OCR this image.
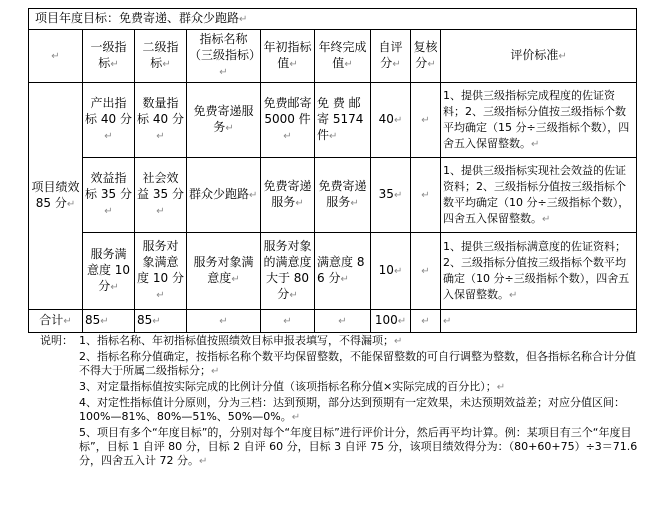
项目年度目标：免费寄递、群众少跑路↵								
↵	一级指标↵	二级指标↵	指标名称（三级指标）↵	年初指标值↵	年终完成值↵	自评分↵	复核分↵	评价标准↵
项目绩效 85 分↵	产出指标 40 分↵	数量指标 40 分↵	免费寄递服务↵	免费邮寄 5000 件↵	免 费 邮 寄 5174 件↵	40↵	↵	1、提供三级指标完成程度的佐证资料；2、三级指标分值按三级指标个数平均确定（15 分÷三级指标个数），四舍五入保留整数。↵
	效益指标 35 分↵	社会效益 35 分↵	群众少跑路↵	免费寄递服务↵	免费寄递服务↵	35↵	↵	1、提供三级指标实现社会效益的佐证资料；2、三级指标分值按三级指标个数平均确定（10 分÷三级指标个数），四舍五入保留整数。↵
	服务满意度 10 分↵	服务对象满意度 10 分↵	服务对象满意度↵	服务对象的满意度大于 80 分↵	满意度 86 分↵	10↵	↵	1、提供三级指标满意度的佐证资料；2、三级指标分值按三级指标个数平均确定（10 分÷三级指标个数），四舍五入保留整数。↵
合计↵	85↵	85↵	↵	↵	↵	100↵	↵	↵
说明： 1、指标名称、年初指标值按照绩效目标申报表填写，不得漏项；↵
2、指标名称分值确定，按指标名称个数平均保留整数，不能保留整数的可自行调整为整数，但各指标名称合计分值不得大于所属二级指标分；↵
3、对定量指标值按实际完成的比例计分值（该项指标名称分值×实际完成的百分比）；↵
4、对定性指标值计分原则，分为三档：达到预期，部分达到预期有一定效果，未达预期效益差；对应分值区间：100%—81%、80%—51%、50%—0%。↵
5、项目有多个“年度目标”的，分别对每个“年度目标”进行评价计分，然后再平均计算。例：某项目有三个“年度目标”，目标 1 自评 80 分，目标 2 自评 60 分，目标 3 自评 75 分，该项目绩效得分为：（80+60+75）÷3＝71.6 分，四舍五入计 72 分。↵
